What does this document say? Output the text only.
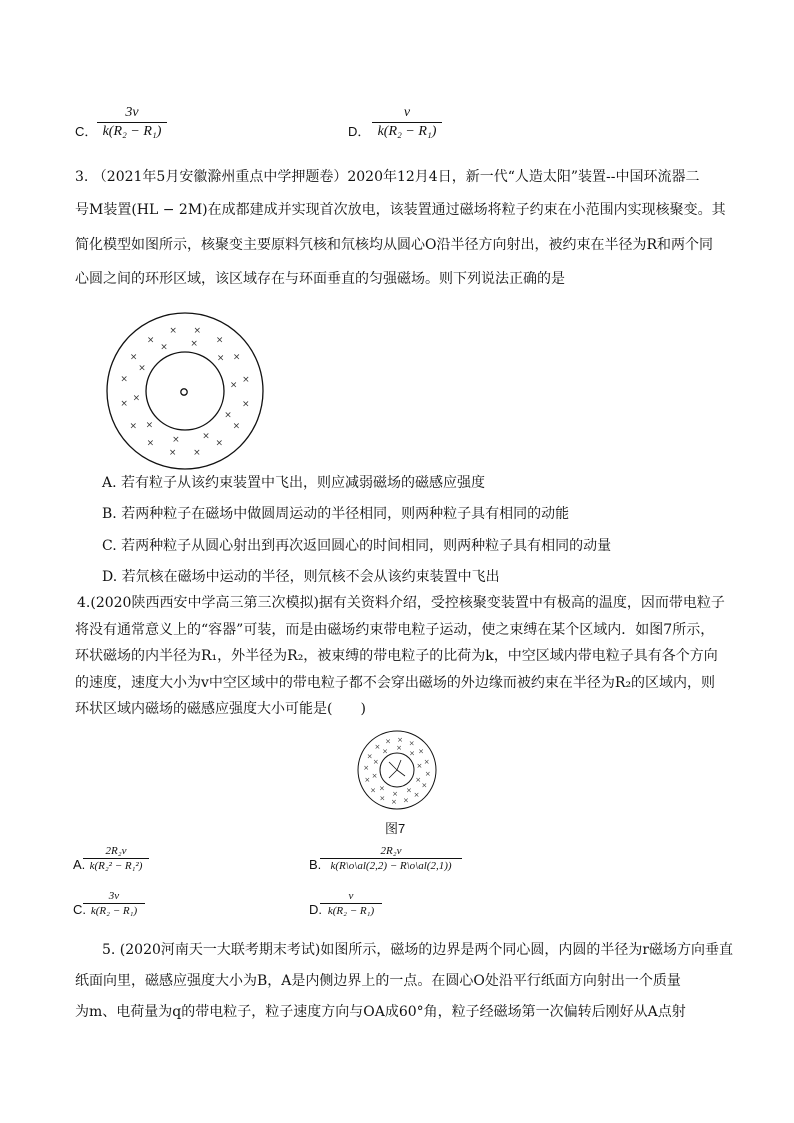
C．
3v
k(R₂ − R₁)	D．
v
k(R₂ − R₁)
3. （2021年5月安徽滁州重点中学押题卷）2020年12月4日，新一代“人造太阳”装置--中国环流器二
号M装置(HL − 2M)在成都建成并实现首次放电，该装置通过磁场将粒子约束在小范围内实现核聚变。其
简化模型如图所示，核聚变主要原料氕核和氘核均从圆心O沿半径方向射出，被约束在半径为R和两个同
心圆之间的环形区域，该区域存在与环面垂直的匀强磁场。则下列说法正确的是
×
×
×
×
×
×
×
×
×
×
×
× ×
×
×
×
×
×
×
×
×
×
×	×
×
×
A. 若有粒子从该约束装置中飞出，则应减弱磁场的磁感应强度
B. 若两种粒子在磁场中做圆周运动的半径相同，则两种粒子具有相同的动能
C. 若两种粒子从圆心射出到再次返回圆心的时间相同，则两种粒子具有相同的动量
D. 若氘核在磁场中运动的半径，则氘核不会从该约束装置中飞出
4.(2020陕西西安中学高三第三次模拟)据有关资料介绍，受控核聚变装置中有极高的温度，因而带电粒子
将没有通常意义上的“容器”可装，而是由磁场约束带电粒子运动，使之束缚在某个区域内．如图7所示，
环状磁场的内半径为R₁，外半径为R₂，被束缚的带电粒子的比荷为k，中空区域内带电粒子具有各个方向
的速度，速度大小为v中空区域中的带电粒子都不会穿出磁场的外边缘而被约束在半径为R₂的区域内，则
环状区域内磁场的磁感应强度大小可能是(　　)
×
×
×
×
×
×
×
×
×
×
×
× × ×
×
×
×
×
×
×
×
×
× ×
×
×
图7
A.
2R₂v
k(R₂² − R₁²)	B.
2R₂v
k(R\o\al(2,2) − R\o\al(2,1))
C.
3v
k(R₂ − R₁)	D.
v
k(R₂ − R₁)
5. (2020河南天一大联考期末考试)如图所示，磁场的边界是两个同心圆，内圆的半径为r磁场方向垂直
纸面向里，磁感应强度大小为B，A是内侧边界上的一点。在圆心O处沿平行纸面方向射出一个质量
为m、电荷量为q的带电粒子，粒子速度方向与OA成60°角，粒子经磁场第一次偏转后刚好从A点射
